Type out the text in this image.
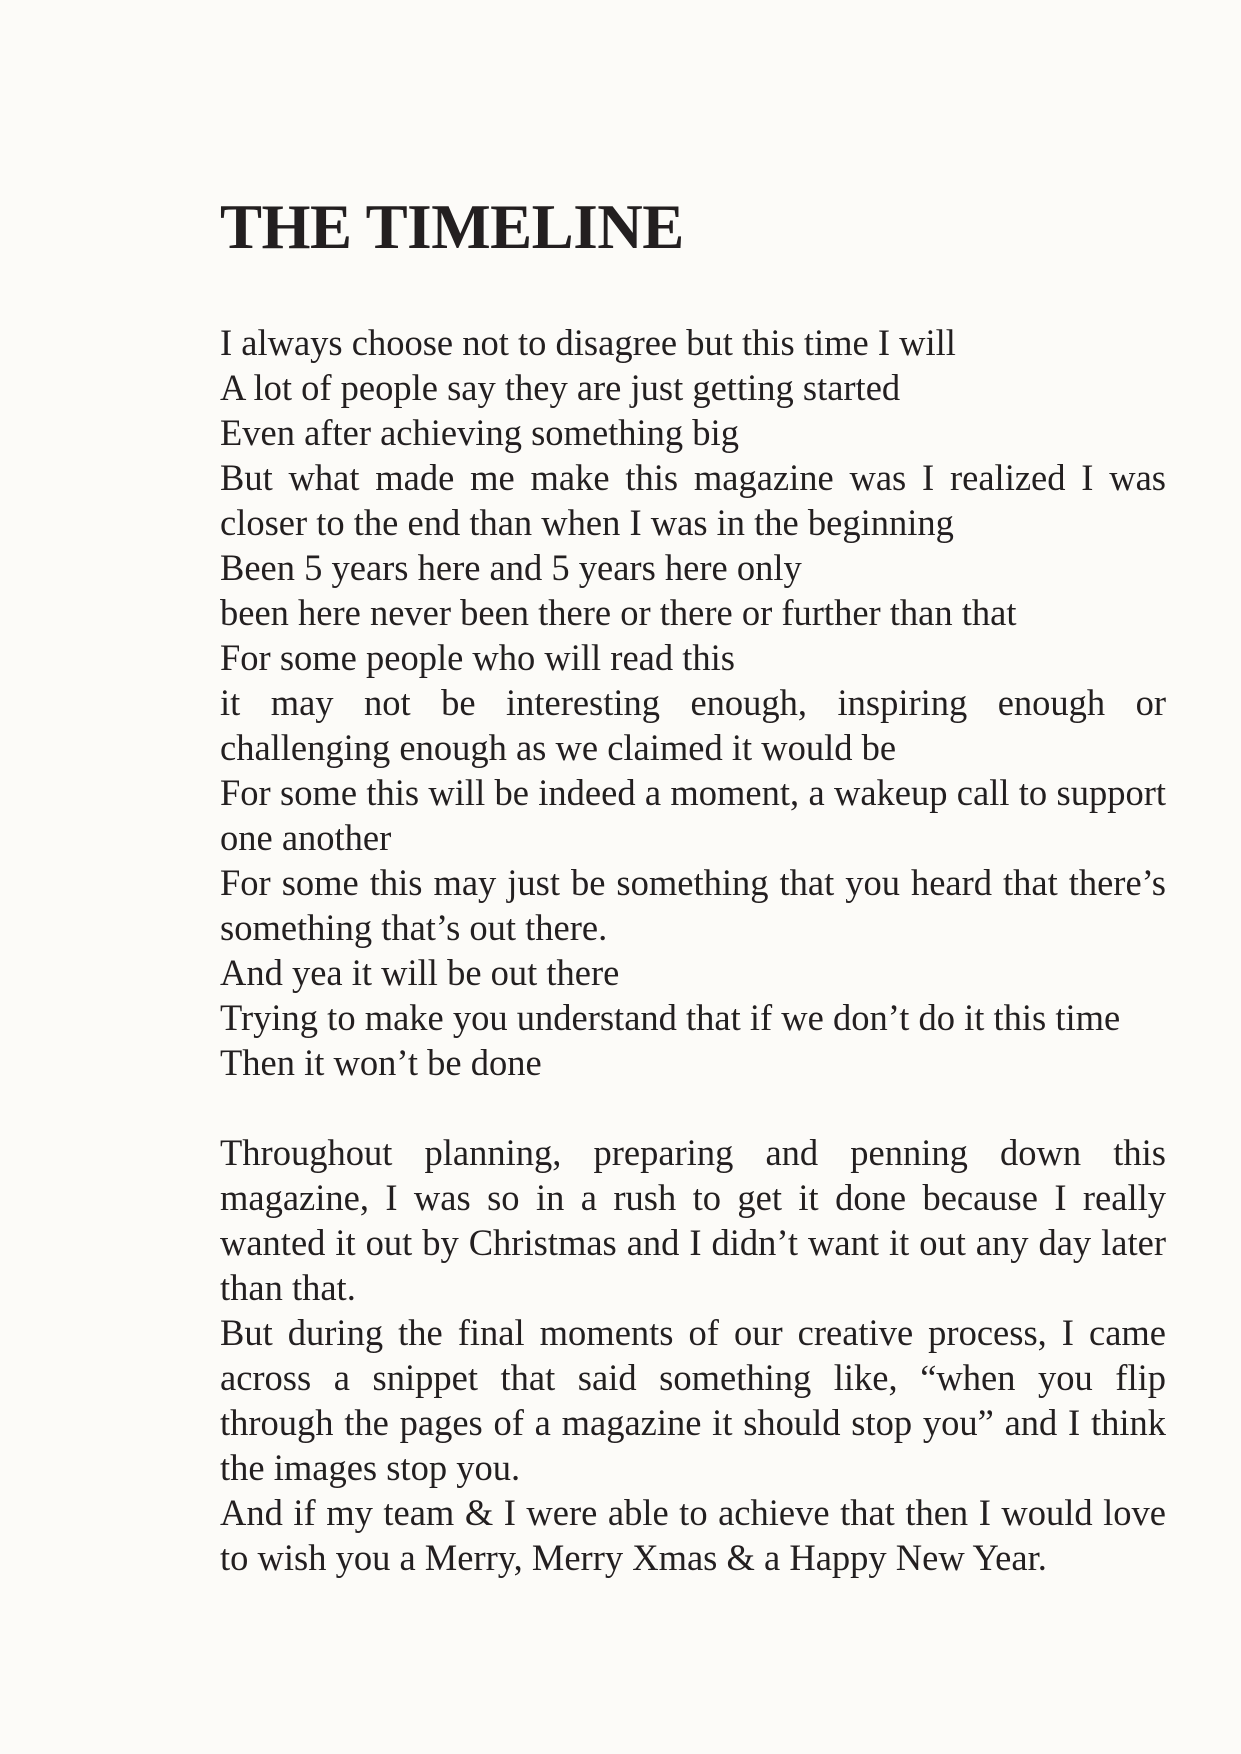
THE TIMELINE
I always choose not to disagree but this time I will
A lot of people say they are just getting started
Even after achieving something big
But what made me make this magazine was I realized I was closer to the end than when I was in the beginning
Been 5 years here and 5 years here only
been here never been there or there or further than that
For some people who will read this
it may not be interesting enough, inspiring enough or challenging enough as we claimed it would be
For some this will be indeed a moment, a wakeup call to support one another
For some this may just be something that you heard that there’s something that’s out there.
And yea it will be out there
Trying to make you understand that if we don’t do it this time
Then it won’t be done
Throughout planning, preparing and penning down this magazine, I was so in a rush to get it done because I really wanted it out by Christmas and I didn’t want it out any day later than that.
But during the final moments of our creative process, I came across a snippet that said something like, “when you flip through the pages of a magazine it should stop you” and I think the images stop you.
And if my team & I were able to achieve that then I would love to wish you a Merry, Merry Xmas & a Happy New Year.
